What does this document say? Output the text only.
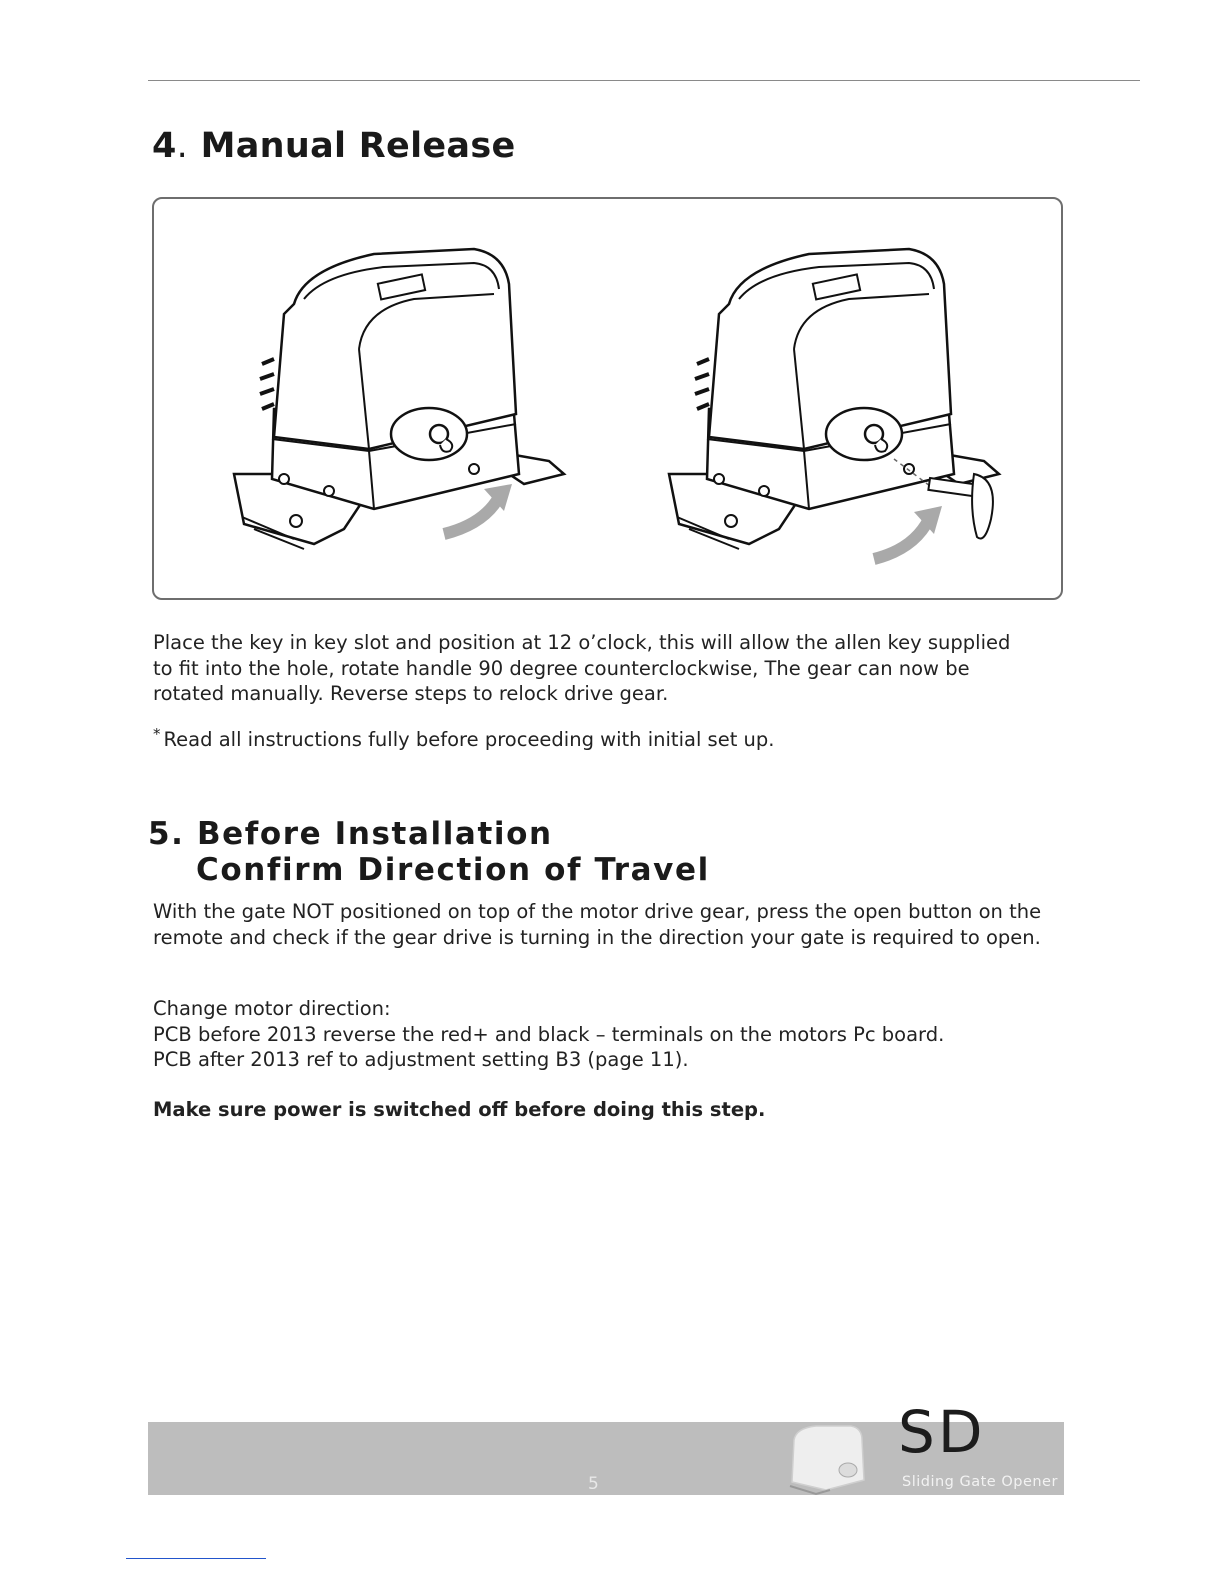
4. Manual Release

Place the key in key slot and position at 12 o’clock, this will allow the allen key supplied to fit into the hole, rotate handle 90 degree counterclockwise, The gear can now be rotated manually. Reverse steps to relock drive gear.

* Read all instructions fully before proceeding with initial set up.

5. Before Installation
Confirm Direction of Travel

With the gate NOT positioned on top of the motor drive gear, press the open button on the remote and check if the gear drive is turning in the direction your gate is required to open.

Change motor direction:
PCB before 2013 reverse the red+ and black – terminals on the motors Pc board.
PCB after 2013 ref to adjustment setting B3 (page 11).

Make sure power is switched off before doing this step.

5
SD
Sliding Gate Opener
